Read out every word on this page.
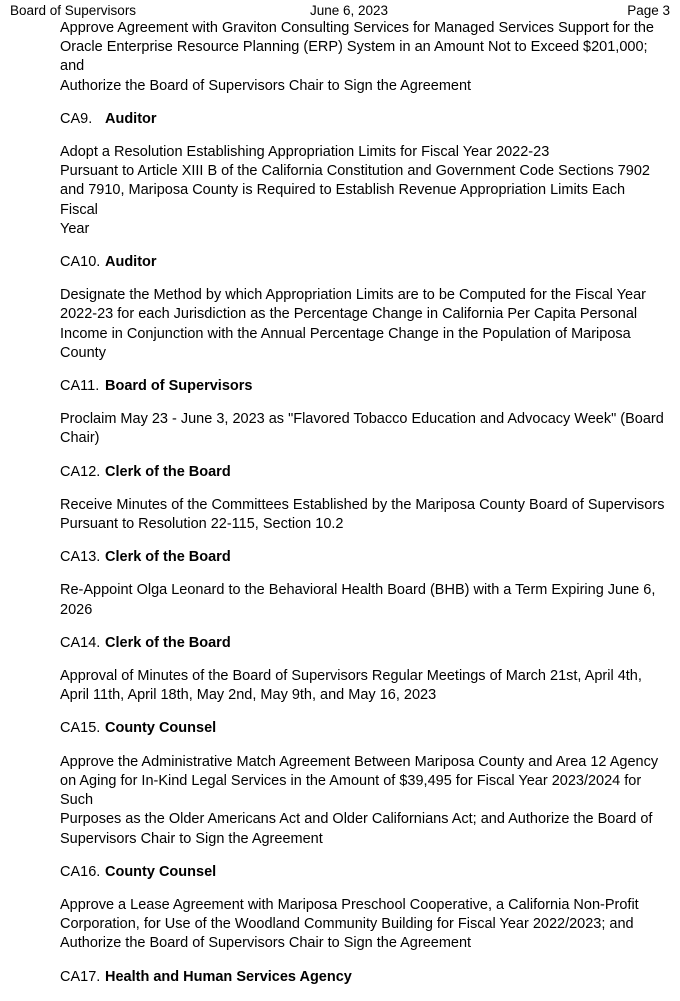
Board of Supervisors	June 6, 2023	Page 3

Approve Agreement with Graviton Consulting Services for Managed Services Support for the
Oracle Enterprise Resource Planning (ERP) System in an Amount Not to Exceed $201,000; and
Authorize the Board of Supervisors Chair to Sign the Agreement

CA9. Auditor

Adopt a Resolution Establishing Appropriation Limits for Fiscal Year 2022-23
Pursuant to Article XIII B of the California Constitution and Government Code Sections 7902
and 7910, Mariposa County is Required to Establish Revenue Appropriation Limits Each Fiscal
Year

CA10. Auditor

Designate the Method by which Appropriation Limits are to be Computed for the Fiscal Year
2022-23 for each Jurisdiction as the Percentage Change in California Per Capita Personal
Income in Conjunction with the Annual Percentage Change in the Population of Mariposa
County

CA11. Board of Supervisors

Proclaim May 23 - June 3, 2023 as "Flavored Tobacco Education and Advocacy Week" (Board
Chair)

CA12. Clerk of the Board

Receive Minutes of the Committees Established by the Mariposa County Board of Supervisors
Pursuant to Resolution 22-115, Section 10.2

CA13. Clerk of the Board

Re-Appoint Olga Leonard to the Behavioral Health Board (BHB) with a Term Expiring June 6,
2026

CA14. Clerk of the Board

Approval of Minutes of the Board of Supervisors Regular Meetings of March 21st, April 4th,
April 11th, April 18th, May 2nd, May 9th, and May 16, 2023

CA15. County Counsel

Approve the Administrative Match Agreement Between Mariposa County and Area 12 Agency
on Aging for In-Kind Legal Services in the Amount of $39,495 for Fiscal Year 2023/2024 for Such
Purposes as the Older Americans Act and Older Californians Act; and Authorize the Board of
Supervisors Chair to Sign the Agreement

CA16. County Counsel

Approve a Lease Agreement with Mariposa Preschool Cooperative, a California Non-Profit
Corporation, for Use of the Woodland Community Building for Fiscal Year 2022/2023; and
Authorize the Board of Supervisors Chair to Sign the Agreement

CA17. Health and Human Services Agency
